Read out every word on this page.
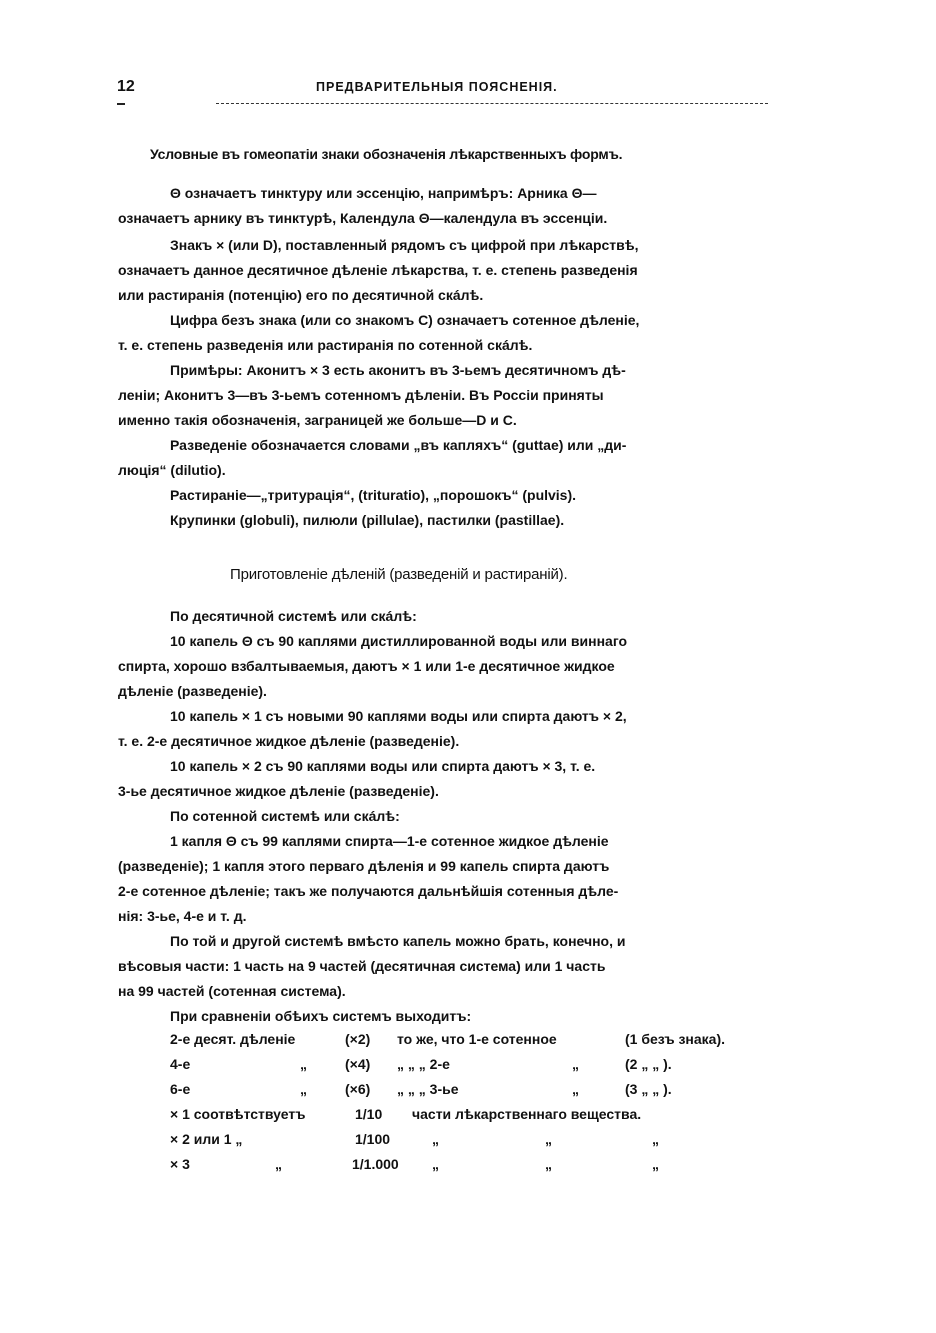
12	ПРЕДВАРИТЕЛЬНЫЯ ПОЯСНЕНІЯ.
Условные въ гомеопатіи знаки обозначенія лѣкарственныхъ формъ.
Θ означаетъ тинктуру или эссенцію, напримѣръ: Арника Θ—
означаетъ арнику въ тинктурѣ, Календула Θ—календула въ эссенціи.
Знакъ × (или D), поставленный рядомъ съ цифрой при лѣкарствѣ,
означаетъ данное десятичное дѣленіе лѣкарства, т. е. степень разведенія
или растиранія (потенцію) его по десятичной скáлѣ.
Цифра безъ знака (или со знакомъ С) означаетъ сотенное дѣленіе,
т. е. степень разведенія или растиранія по сотенной скáлѣ.
Примѣры: Аконитъ × 3 есть аконитъ въ 3-ьемъ десятичномъ дѣ-
леніи; Аконитъ 3—въ 3-ьемъ сотенномъ дѣленіи. Въ Россіи приняты
именно такія обозначенія, заграницей же больше—D и С.
Разведеніе обозначается словами „въ капляхъ“ (guttae) или „ди-
люція“ (dilutio).
Растираніе—„тритурація“, (trituratio), „порошокъ“ (pulvis).
Крупинки (globuli), пилюли (pillulae), пастилки (pastillae).
Приготовленіе дѣленій (разведеній и растираній).
По десятичной системѣ или скáлѣ:
10 капель Θ съ 90 каплями дистиллированной воды или виннаго
спирта, хорошо взбалтываемыя, даютъ × 1 или 1-е десятичное жидкое
дѣленіе (разведеніе).
10 капель × 1 съ новыми 90 каплями воды или спирта даютъ × 2,
т. е. 2-е десятичное жидкое дѣленіе (разведеніе).
10 капель × 2 съ 90 каплями воды или спирта даютъ × 3, т. е.
3-ье десятичное жидкое дѣленіе (разведеніе).
По сотенной системѣ или скáлѣ:
1 капля Θ съ 99 каплями спирта—1-е сотенное жидкое дѣленіе
(разведеніе); 1 капля этого перваго дѣленія и 99 капель спирта даютъ
2-е сотенное дѣленіе; такъ же получаются дальнѣйшія сотенныя дѣле-
нія: 3-ье, 4-е и т. д.
По той и другой системѣ вмѣсто капель можно брать, конечно, и
вѣсовыя части: 1 часть на 9 частей (десятичная система) или 1 часть
на 99 частей (сотенная система).
При сравненіи обѣихъ системъ выходитъ:
2-е десят. дѣленіе	(×2) то же, что 1-е сотенное	(1 безъ знака).
4-е	„	(×4) „ „ „ 2-е	„	(2 „ „ ).
6-е	„	(×6) „ „ „ 3-ье	„	(3 „ „ ).
× 1 соотвѣтствуетъ	1/10 части лѣкарственнаго вещества.
× 2 или 1 „	1/100	„	„	„
× 3	„	1/1.000 „	„	„
